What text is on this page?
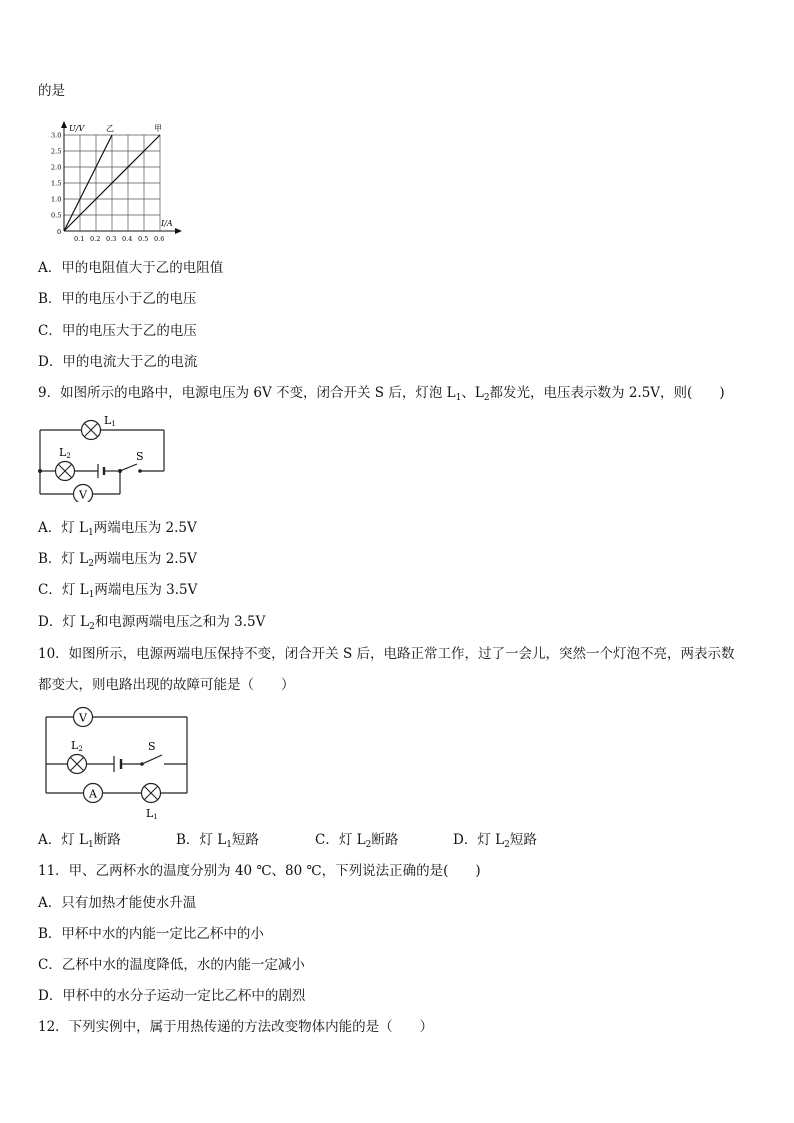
的是
乙	甲
0.1 0.2 0.3 0.4 0.5 0.6
0.5
1.0
1.5
2.0
2.5
3.0
0
U/V
I/A
A．甲的电阻值大于乙的电阻值
B．甲的电压小于乙的电压
C．甲的电压大于乙的电压
D．甲的电流大于乙的电流
9．如图所示的电路中，电源电压为 6V 不变，闭合开关 S 后，灯泡 $L_1$、$L_2$都发光，电压表示数为 2.5V，则(　　)
L1
L2	S
V
A．灯 $L_1$两端电压为 2.5V
B．灯 $L_2$两端电压为 2.5V
C．灯 $L_1$两端电压为 3.5V
D．灯 $L_2$和电源两端电压之和为 3.5V
10．如图所示，电源两端电压保持不变，闭合开关 S 后，电路正常工作，过了一会儿，突然一个灯泡不亮，两表示数
都变大，则电路出现的故障可能是（　　）
V
L2	S
A
L1
A．灯 $L_1$断路	B．灯 $L_1$短路	C．灯 $L_2$断路	D．灯 $L_2$短路
11．甲、乙两杯水的温度分别为 40 ℃、80 ℃，下列说法正确的是(　　)
A．只有加热才能使水升温
B．甲杯中水的内能一定比乙杯中的小
C．乙杯中水的温度降低，水的内能一定减小
D．甲杯中的水分子运动一定比乙杯中的剧烈
12．下列实例中，属于用热传递的方法改变物体内能的是（　　）
